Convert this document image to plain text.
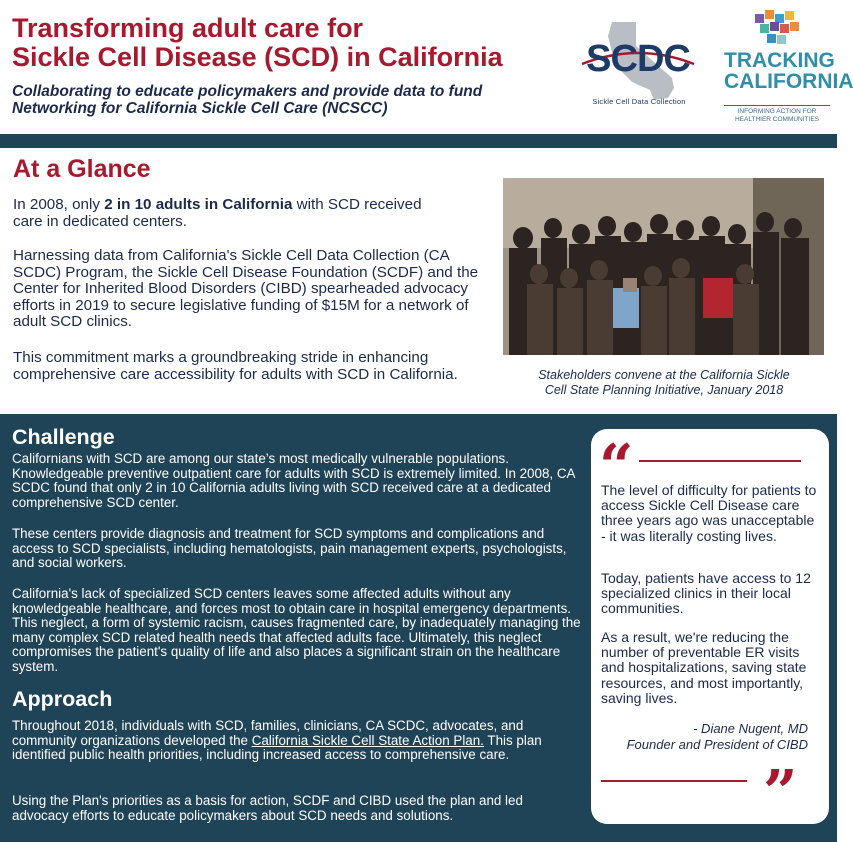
Transforming adult care for
Sickle Cell Disease (SCD) in California
Collaborating to educate policymakers and provide data to fund
Networking for California Sickle Cell Care (NCSCC)
SCDC
Sickle Cell Data Collection
TRACKING
CALIFORNIA
INFORMING ACTION FOR
HEALTHIER COMMUNITIES
At a Glance
In 2008, only 2 in 10 adults in California with SCD received care in dedicated centers.
Harnessing data from California's Sickle Cell Data Collection (CA SCDC) Program, the Sickle Cell Disease Foundation (SCDF) and the Center for Inherited Blood Disorders (CIBD) spearheaded advocacy efforts in 2019 to secure legislative funding of $15M for a network of adult SCD clinics.
This commitment marks a groundbreaking stride in enhancing comprehensive care accessibility for adults with SCD in California.	Stakeholders convene at the California Sickle
Cell State Planning Initiative, January 2018
Challenge
Californians with SCD are among our state’s most medically vulnerable populations. Knowledgeable preventive outpatient care for adults with SCD is extremely limited. In 2008, CA SCDC found that only 2 in 10 California adults living with SCD received care at a dedicated comprehensive SCD center.
These centers provide diagnosis and treatment for SCD symptoms and complications and access to SCD specialists, including hematologists, pain management experts, psychologists, and social workers.
California's lack of specialized SCD centers leaves some affected adults without any knowledgeable healthcare, and forces most to obtain care in hospital emergency departments. This neglect, a form of systemic racism, causes fragmented care, by inadequately managing the many complex SCD related health needs that affected adults face. Ultimately, this neglect compromises the patient's quality of life and also places a significant strain on the healthcare system.
Approach
Throughout 2018, individuals with SCD, families, clinicians, CA SCDC, advocates, and community organizations developed the California Sickle Cell State Action Plan. This plan identified public health priorities, including increased access to comprehensive care.
Using the Plan's priorities as a basis for action, SCDF and CIBD used the plan and led advocacy efforts to educate policymakers about SCD needs and solutions.
“
The level of difficulty for patients to access Sickle Cell Disease care three years ago was unacceptable - it was literally costing lives.
Today, patients have access to 12 specialized clinics in their local communities.
As a result, we're reducing the number of preventable ER visits and hospitalizations, saving state resources, and most importantly, saving lives.
- Diane Nugent, MD
Founder and President of CIBD
”
